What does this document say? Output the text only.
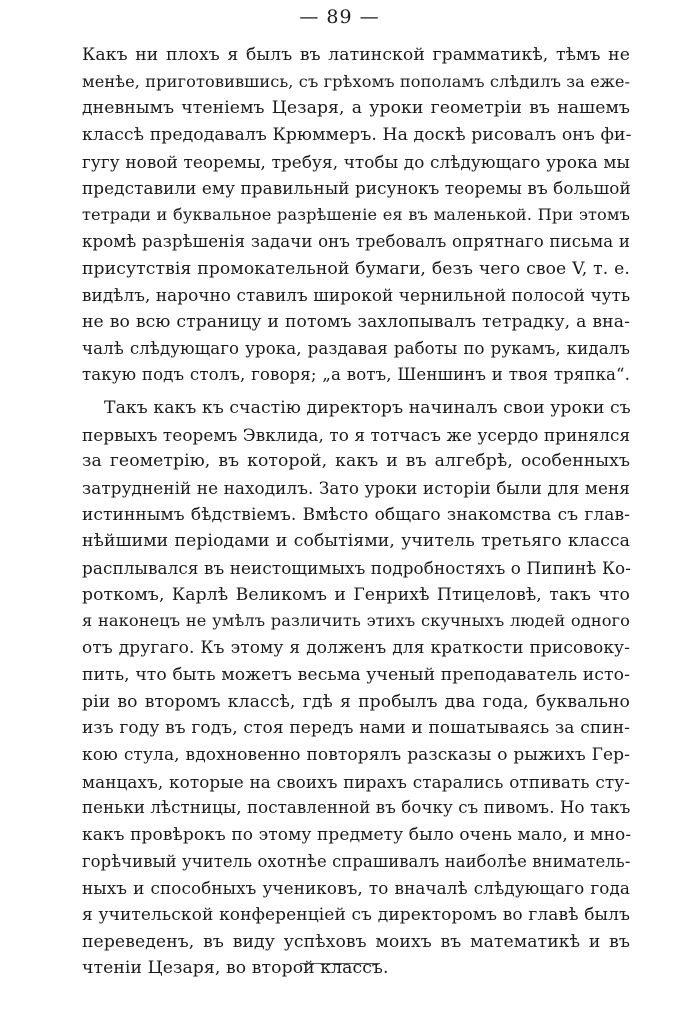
— 89 —
Какъ ни плохъ я былъ въ латинской грамматикѣ, тѣмъ не
менѣе, приготовившись, съ грѣхомъ пополамъ слѣдилъ за еже-
дневнымъ чтеніемъ Цезаря, а уроки геометріи въ нашемъ
классѣ предодавалъ Крюммеръ. На доскѣ рисовалъ онъ фи-
гугу новой теоремы, требуя, чтобы до слѣдующаго урока мы
представили ему правильный рисунокъ теоремы въ большой
тетради и буквальное разрѣшеніе ея въ маленькой. При этомъ
кромѣ разрѣшенія задачи онъ требовалъ опрятнаго письма и
присутствія промокательной бумаги, безъ чего свое V, т. е.
видѣлъ, нарочно ставилъ широкой чернильной полосой чуть
не во всю страницу и потомъ захлопывалъ тетрадку, а вна-
чалѣ слѣдующаго урока, раздавая работы по рукамъ, кидалъ
такую подъ столъ, говоря; „а вотъ, Шеншинъ и твоя тряпка“.
Такъ какъ къ счастію директоръ начиналъ свои уроки съ
первыхъ теоремъ Эвклида, то я тотчасъ же усердо принялся
за геометрію, въ которой, какъ и въ алгебрѣ, особенныхъ
затрудненій не находилъ. Зато уроки исторіи были для меня
истиннымъ бѣдствіемъ. Вмѣсто общаго знакомства съ глав-
нѣйшими періодами и событіями, учитель третьяго класса
расплывался въ неистощимыхъ подробностяхъ о Пипинѣ Ко-
роткомъ, Карлѣ Великомъ и Генрихѣ Птицеловѣ, такъ что
я наконецъ не умѣлъ различить этихъ скучныхъ людей одного
отъ другаго. Къ этому я долженъ для краткости присовоку-
пить, что быть можетъ весьма ученый преподаватель исто-
ріи во второмъ классѣ, гдѣ я пробылъ два года, буквально
изъ году въ годъ, стоя передъ нами и пошатываясь за спин-
кою стула, вдохновенно повторялъ разсказы о рыжихъ Гер-
манцахъ, которые на своихъ пирахъ старались отпивать сту-
пеньки лѣстницы, поставленной въ бочку съ пивомъ. Но такъ
какъ провѣрокъ по этому предмету было очень мало, и мно-
горѣчивый учитель охотнѣе спрашивалъ наиболѣе вниматель-
ныхъ и способныхъ учениковъ, то вначалѣ слѣдующаго года
я учительской конференціей съ директоромъ во главѣ былъ
переведенъ, въ виду успѣховъ моихъ въ математикѣ и въ
чтеніи Цезаря, во второй классъ.
